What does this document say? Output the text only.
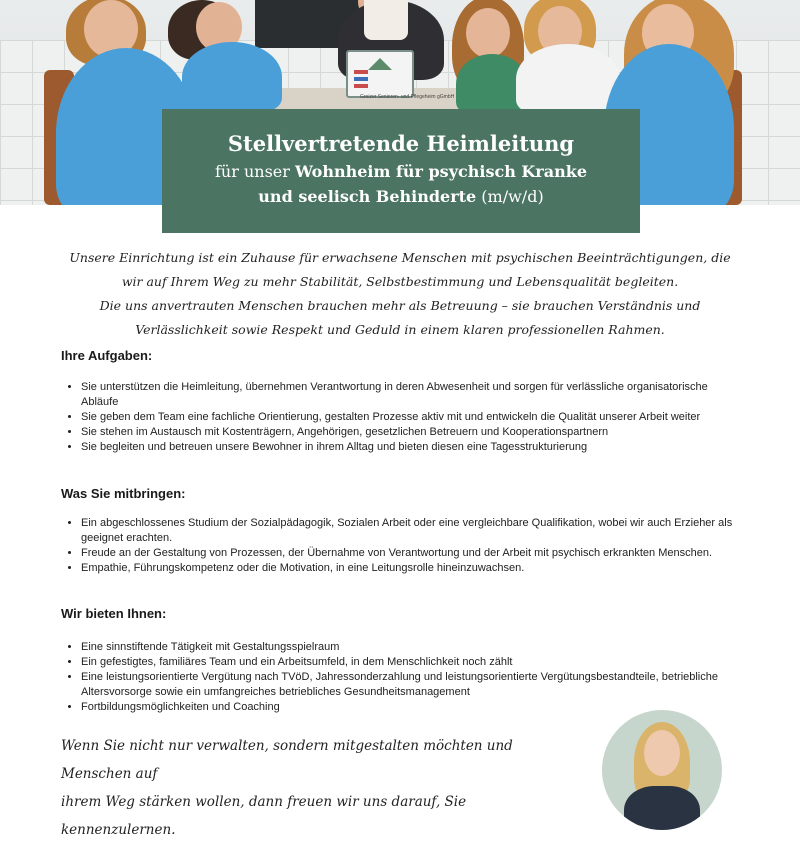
Greizer Senioren- und Pflegeheim gGmbH

Stellvertretende Heimleitung

für unser Wohnheim für psychisch Kranke

und seelisch Behinderte (m/w/d)

Unsere Einrichtung ist ein Zuhause für erwachsene Menschen mit psychischen Beeinträchtigungen, die

wir auf Ihrem Weg zu mehr Stabilität, Selbstbestimmung und Lebensqualität begleiten.

Die uns anvertrauten Menschen brauchen mehr als Betreuung – sie brauchen Verständnis und

Verlässlichkeit sowie Respekt und Geduld in einem klaren professionellen Rahmen.

Ihre Aufgaben:
• Sie unterstützen die Heimleitung, übernehmen Verantwortung in deren Abwesenheit und sorgen für verlässliche organisatorische Abläufe
• Sie geben dem Team eine fachliche Orientierung, gestalten Prozesse aktiv mit und entwickeln die Qualität unserer Arbeit weiter
• Sie stehen im Austausch mit Kostenträgern, Angehörigen, gesetzlichen Betreuern und Kooperationspartnern
• Sie begleiten und betreuen unsere Bewohner in ihrem Alltag und bieten diesen eine Tagesstrukturierung
Was Sie mitbringen:
• Ein abgeschlossenes Studium der Sozialpädagogik, Sozialen Arbeit oder eine vergleichbare Qualifikation, wobei wir auch Erzieher als geeignet erachten.
• Freude an der Gestaltung von Prozessen, der Übernahme von Verantwortung und der Arbeit mit psychisch erkrankten Menschen.
• Empathie, Führungskompetenz oder die Motivation, in eine Leitungsrolle hineinzuwachsen.
Wir bieten Ihnen:
• Eine sinnstiftende Tätigkeit mit Gestaltungsspielraum
• Ein gefestigtes, familiäres Team und ein Arbeitsumfeld, in dem Menschlichkeit noch zählt
• Eine leistungsorientierte Vergütung nach TVöD, Jahressonderzahlung und leistungsorientierte Vergütungsbestandteile, betriebliche Altersvorsorge sowie ein umfangreiches betriebliches Gesundheitsmanagement
• Fortbildungsmöglichkeiten und Coaching

Wenn Sie nicht nur verwalten, sondern mitgestalten möchten und Menschen auf

ihrem Weg stärken wollen, dann freuen wir uns darauf, Sie kennenzulernen.
